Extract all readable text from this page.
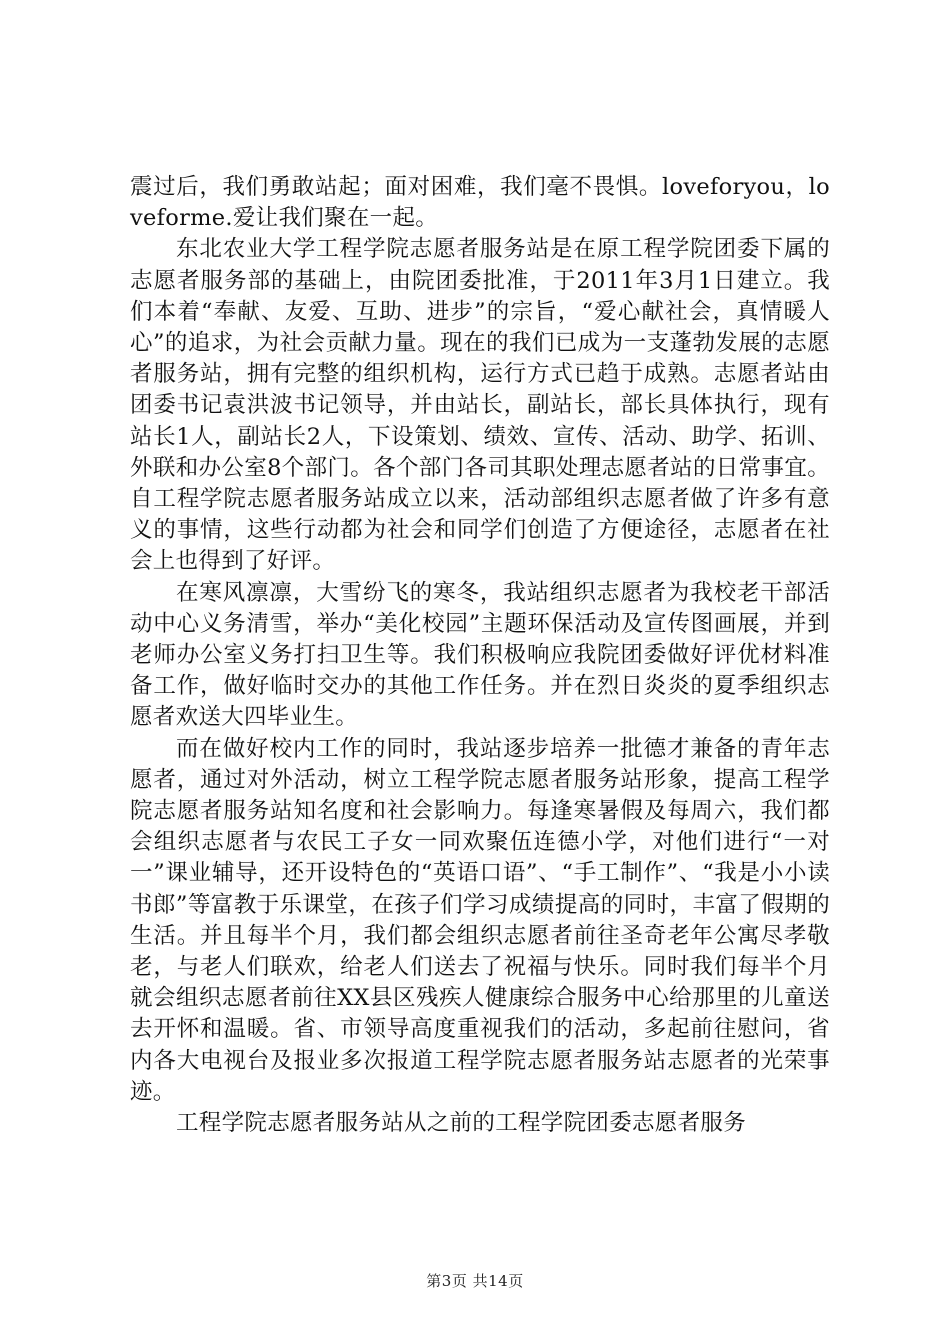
震过后，我们勇敢站起；面对困难，我们毫不畏惧。loveforyou，loveforme.爱让我们聚在一起。

东北农业大学工程学院志愿者服务站是在原工程学院团委下属的志愿者服务部的基础上，由院团委批准，于2011年3月1日建立。我们本着“奉献、友爱、互助、进步”的宗旨，“爱心献社会，真情暖人心”的追求，为社会贡献力量。现在的我们已成为一支蓬勃发展的志愿者服务站，拥有完整的组织机构，运行方式已趋于成熟。志愿者站由团委书记袁洪波书记领导，并由站长，副站长，部长具体执行，现有站长1人，副站长2人，下设策划、绩效、宣传、活动、助学、拓训、外联和办公室8个部门。各个部门各司其职处理志愿者站的日常事宜。自工程学院志愿者服务站成立以来，活动部组织志愿者做了许多有意义的事情，这些行动都为社会和同学们创造了方便途径，志愿者在社会上也得到了好评。

在寒风凛凛，大雪纷飞的寒冬，我站组织志愿者为我校老干部活动中心义务清雪，举办“美化校园”主题环保活动及宣传图画展，并到老师办公室义务打扫卫生等。我们积极响应我院团委做好评优材料准备工作，做好临时交办的其他工作任务。并在烈日炎炎的夏季组织志愿者欢送大四毕业生。

而在做好校内工作的同时，我站逐步培养一批德才兼备的青年志愿者，通过对外活动，树立工程学院志愿者服务站形象，提高工程学院志愿者服务站知名度和社会影响力。每逢寒暑假及每周六，我们都会组织志愿者与农民工子女一同欢聚伍连德小学，对他们进行“一对一”课业辅导，还开设特色的“英语口语”、“手工制作”、“我是小小读书郎”等富教于乐课堂，在孩子们学习成绩提高的同时，丰富了假期的生活。并且每半个月，我们都会组织志愿者前往圣奇老年公寓尽孝敬老，与老人们联欢，给老人们送去了祝福与快乐。同时我们每半个月就会组织志愿者前往XX县区残疾人健康综合服务中心给那里的儿童送去开怀和温暖。省、市领导高度重视我们的活动，多起前往慰问，省内各大电视台及报业多次报道工程学院志愿者服务站志愿者的光荣事迹。

工程学院志愿者服务站从之前的工程学院团委志愿者服务

第3页 共14页
